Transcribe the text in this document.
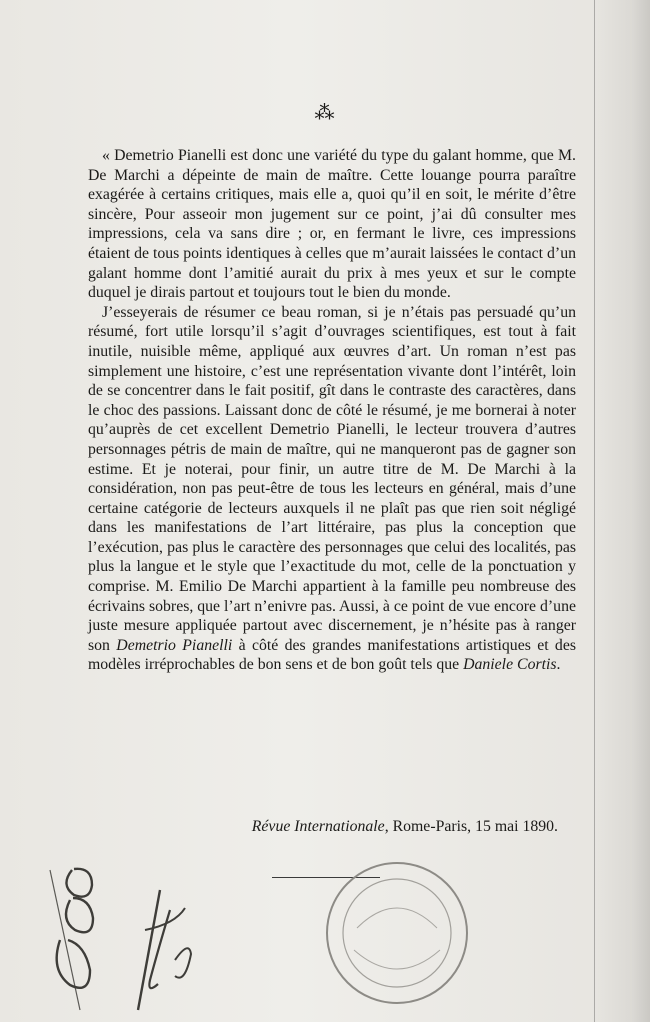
⁂

« Demetrio Pianelli est donc une variété du type du galant homme, que M. De Marchi a dépeinte de main de maître. Cette louange pourra paraître exagérée à certains critiques, mais elle a, quoi qu’il en soit, le mérite d’être sincère, Pour asseoir mon jugement sur ce point, j’ai dû consulter mes impressions, cela va sans dire ; or, en fermant le livre, ces impressions étaient de tous points identiques à celles que m’aurait laissées le contact d’un galant homme dont l’amitié aurait du prix à mes yeux et sur le compte duquel je dirais partout et toujours tout le bien du monde.

J’esseyerais de résumer ce beau roman, si je n’étais pas persuadé qu’un résumé, fort utile lorsqu’il s’agit d’ouvrages scientifiques, est tout à fait inutile, nuisible même, appliqué aux œuvres d’art. Un roman n’est pas simplement une histoire, c’est une représentation vivante dont l’intérêt, loin de se concentrer dans le fait positif, gît dans le contraste des caractères, dans le choc des passions. Laissant donc de côté le résumé, je me bornerai à noter qu’auprès de cet excellent Demetrio Pianelli, le lecteur trouvera d’autres personnages pétris de main de maître, qui ne manqueront pas de gagner son estime. Et je noterai, pour finir, un autre titre de M. De Marchi à la considération, non pas peut-être de tous les lecteurs en général, mais d’une certaine catégorie de lecteurs auxquels il ne plaît pas que rien soit négligé dans les manifestations de l’art littéraire, pas plus la conception que l’exécution, pas plus le caractère des personnages que celui des localités, pas plus la langue et le style que l’exactitude du mot, celle de la ponctuation y comprise. M. Emilio De Marchi appartient à la famille peu nombreuse des écrivains sobres, que l’art n’enivre pas. Aussi, à ce point de vue encore d’une juste mesure appliquée partout avec discernement, je n’hésite pas à ranger son Demetrio Pianelli à côté des grandes manifestations artistiques et des modèles irréprochables de bon sens et de bon goût tels que Daniele Cortis.

Révue Internationale, Rome-Paris, 15 mai 1890.
